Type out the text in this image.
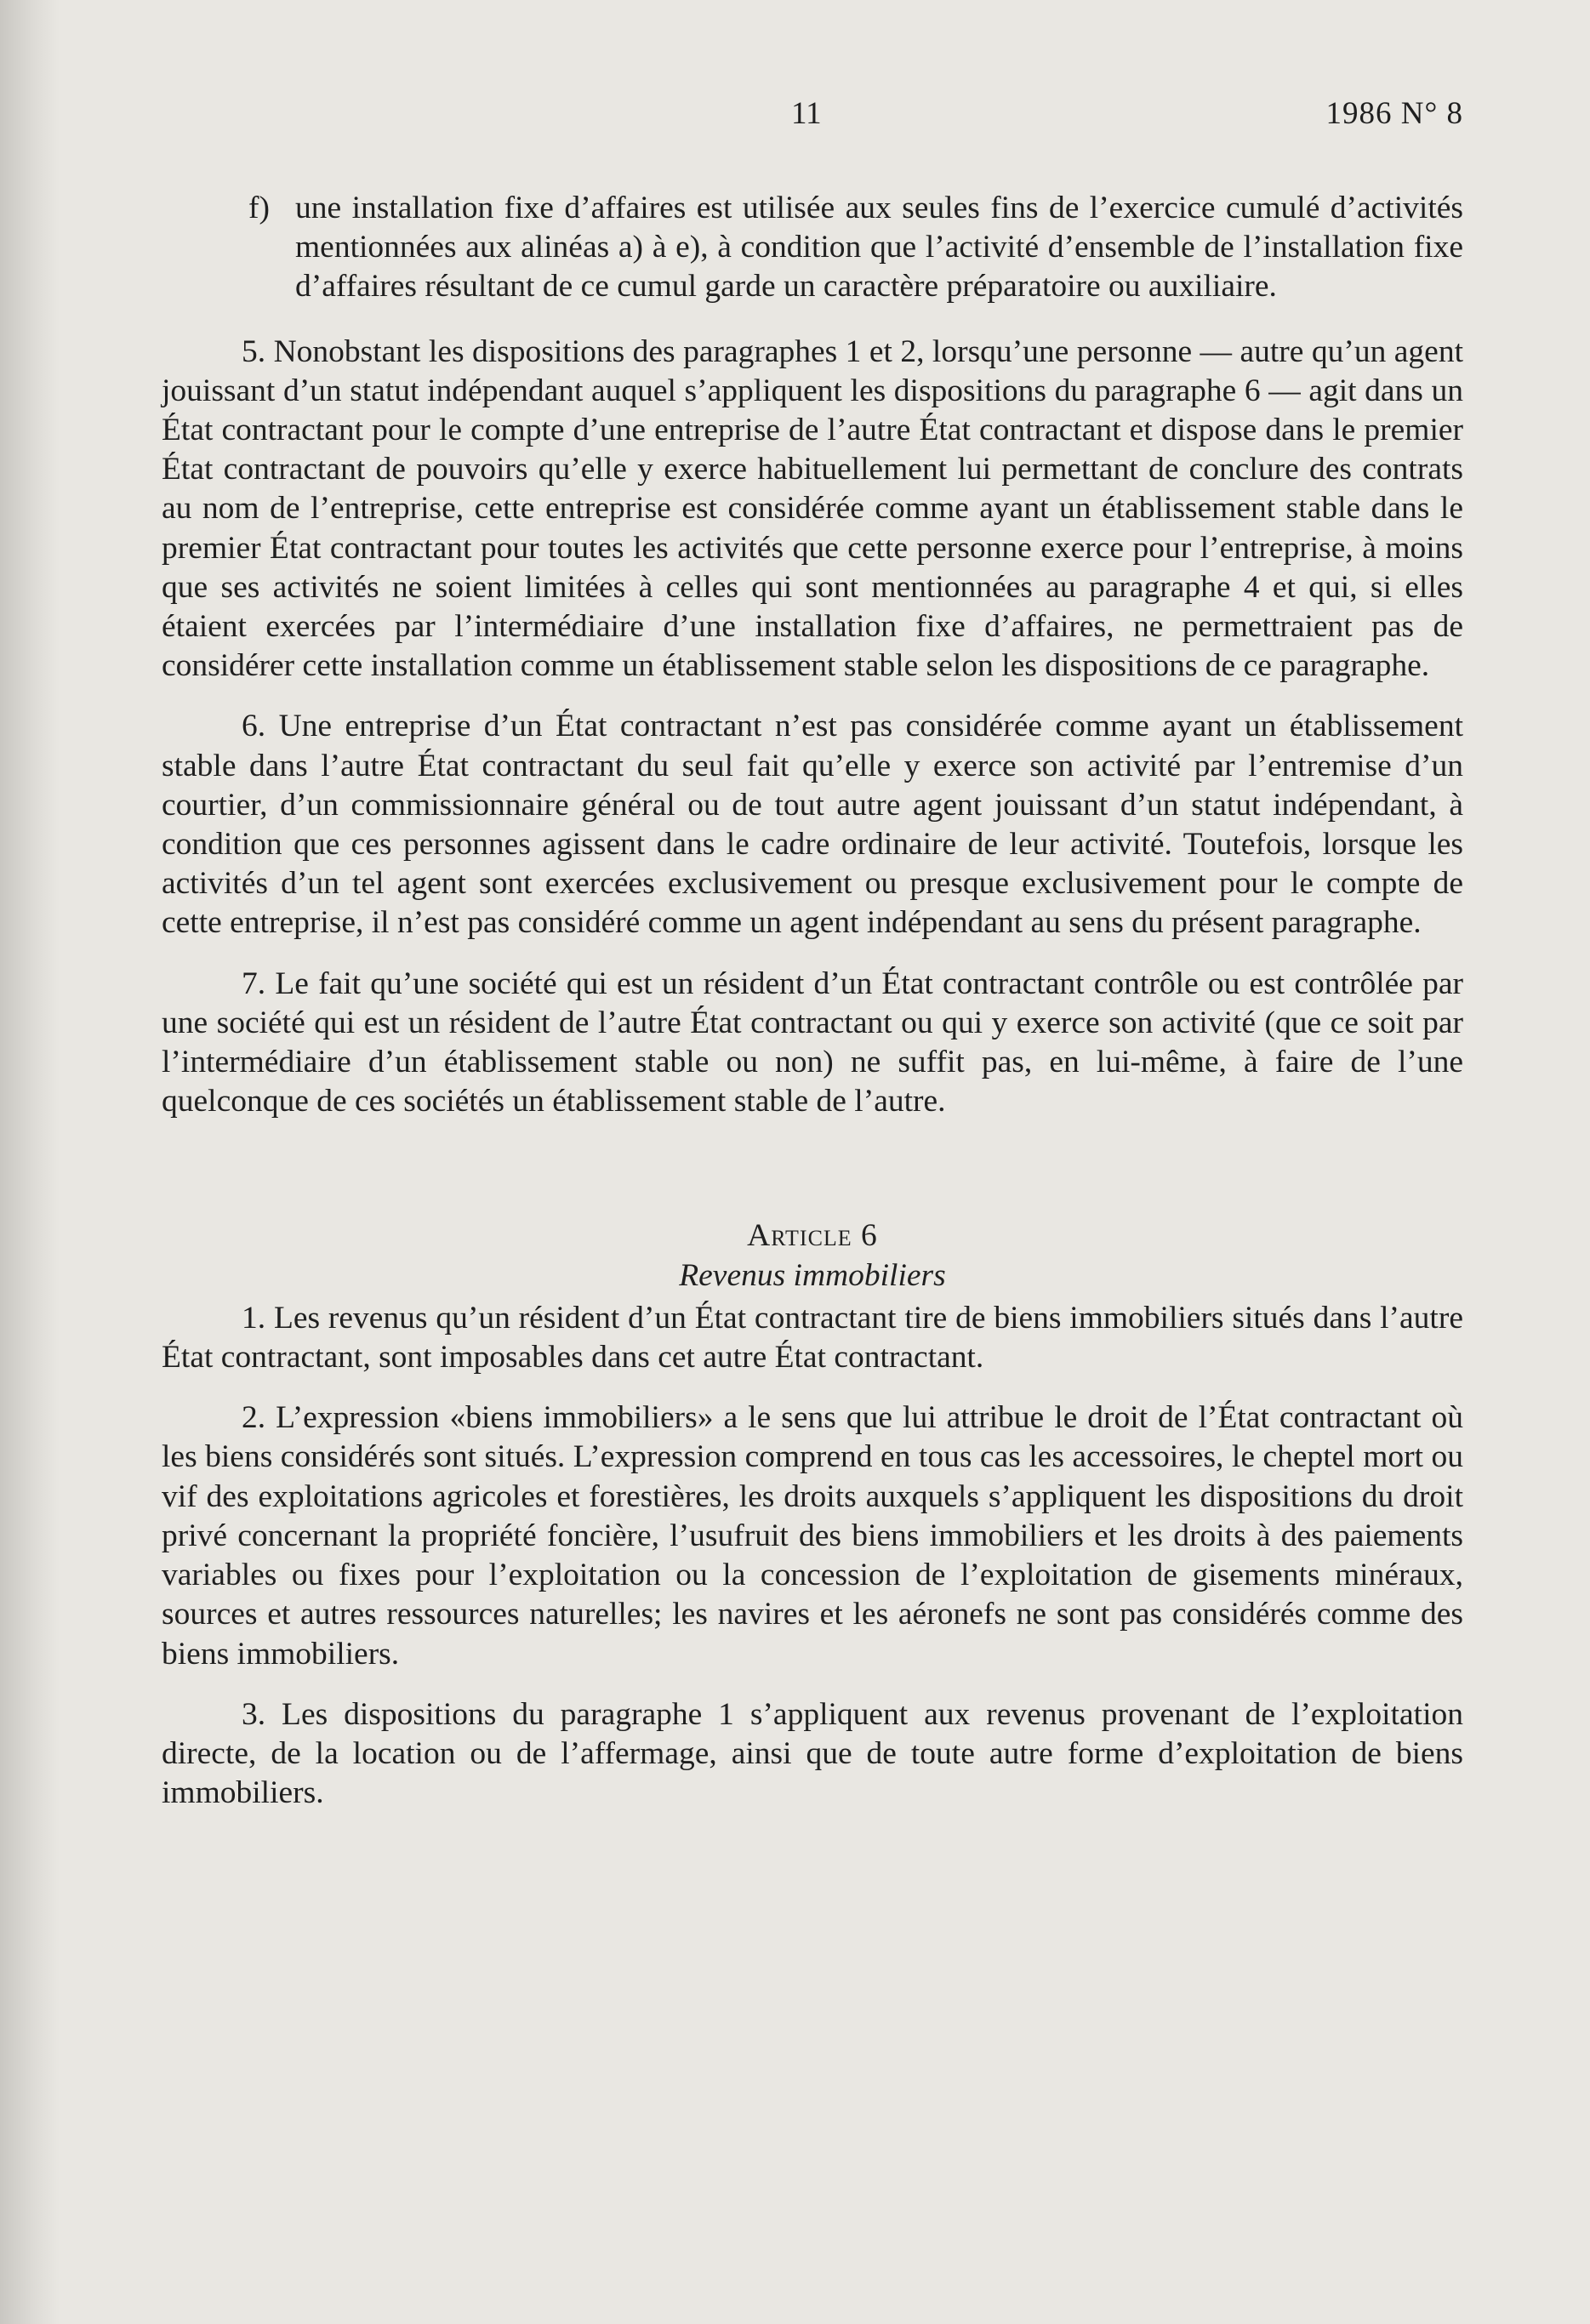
11	1986 N° 8

f) une installation fixe d’affaires est utilisée aux seules fins de l’exercice cumulé d’activités mentionnées aux alinéas a) à e), à condition que l’activité d’ensemble de l’installation fixe d’affaires résultant de ce cumul garde un caractère préparatoire ou auxiliaire.

5. Nonobstant les dispositions des paragraphes 1 et 2, lorsqu’une personne — autre qu’un agent jouissant d’un statut indépendant auquel s’appliquent les dispositions du paragraphe 6 — agit dans un État contractant pour le compte d’une entreprise de l’autre État contractant et dispose dans le premier État contractant de pouvoirs qu’elle y exerce habituellement lui permettant de conclure des contrats au nom de l’entreprise, cette entreprise est considérée comme ayant un établissement stable dans le premier État contractant pour toutes les activités que cette personne exerce pour l’entreprise, à moins que ses activités ne soient limitées à celles qui sont mentionnées au paragraphe 4 et qui, si elles étaient exercées par l’intermédiaire d’une installation fixe d’affaires, ne permettraient pas de considérer cette installation comme un établissement stable selon les dispositions de ce paragraphe.

6. Une entreprise d’un État contractant n’est pas considérée comme ayant un établissement stable dans l’autre État contractant du seul fait qu’elle y exerce son activité par l’entremise d’un courtier, d’un commissionnaire général ou de tout autre agent jouissant d’un statut indépendant, à condition que ces personnes agissent dans le cadre ordinaire de leur activité. Toutefois, lorsque les activités d’un tel agent sont exercées exclusivement ou presque exclusivement pour le compte de cette entreprise, il n’est pas considéré comme un agent indépendant au sens du présent paragraphe.

7. Le fait qu’une société qui est un résident d’un État contractant contrôle ou est contrôlée par une société qui est un résident de l’autre État contractant ou qui y exerce son activité (que ce soit par l’intermédiaire d’un établissement stable ou non) ne suffit pas, en lui-même, à faire de l’une quelconque de ces sociétés un établissement stable de l’autre.

Article 6
Revenus immobiliers

1. Les revenus qu’un résident d’un État contractant tire de biens immobiliers situés dans l’autre État contractant, sont imposables dans cet autre État contractant.

2. L’expression «biens immobiliers» a le sens que lui attribue le droit de l’État contractant où les biens considérés sont situés. L’expression comprend en tous cas les accessoires, le cheptel mort ou vif des exploitations agricoles et forestières, les droits auxquels s’appliquent les dispositions du droit privé concernant la propriété foncière, l’usufruit des biens immobiliers et les droits à des paiements variables ou fixes pour l’exploitation ou la concession de l’exploitation de gisements minéraux, sources et autres ressources naturelles; les navires et les aéronefs ne sont pas considérés comme des biens immobiliers.

3. Les dispositions du paragraphe 1 s’appliquent aux revenus provenant de l’exploitation directe, de la location ou de l’affermage, ainsi que de toute autre forme d’exploitation de biens immobiliers.
